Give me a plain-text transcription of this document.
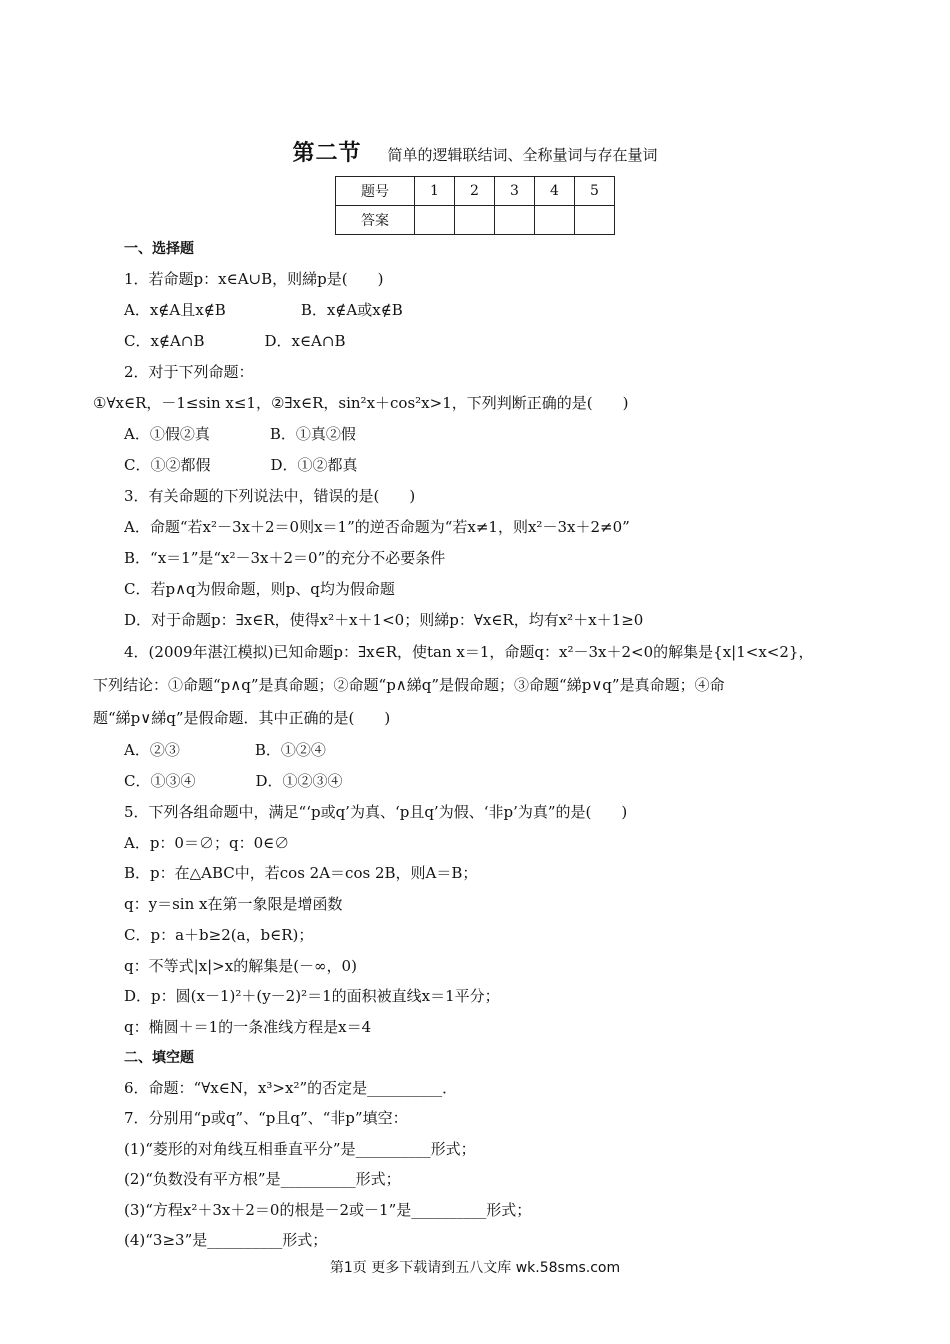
第二节 简单的逻辑联结词、全称量词与存在量词
题号	1	2	3	4	5
答案					
一、选择题
1．若命题p：x∈A∪B，则綈p是(　　)
A．x∉A且x∉B　　　　　B．x∉A或x∉B
C．x∉A∩B　　　　D．x∈A∩B
2．对于下列命题：
①∀x∈R，－1≤sin x≤1，②∃x∈R，sin²x＋cos²x>1，下列判断正确的是(　　)
A．①假②真　　　　B．①真②假
C．①②都假　　　　D．①②都真
3．有关命题的下列说法中，错误的是(　　)
A．命题“若x²－3x＋2＝0则x＝1”的逆否命题为“若x≠1，则x²－3x＋2≠0”
B．“x＝1”是“x²－3x＋2＝0”的充分不必要条件
C．若p∧q为假命题，则p、q均为假命题
D．对于命题p：∃x∈R，使得x²＋x＋1<0；则綈p：∀x∈R，均有x²＋x＋1≥0
4．(2009年湛江模拟)已知命题p：∃x∈R，使tan x＝1，命题q：x²－3x＋2<0的解集是{x|1<x<2}，
下列结论：①命题“p∧q”是真命题；②命题“p∧綈q”是假命题；③命题“綈p∨q”是真命题；④命
题“綈p∨綈q”是假命题．其中正确的是(　　)
A．②③　　　　　B．①②④
C．①③④　　　　D．①②③④
5．下列各组命题中，满足“‘p或q’为真、‘p且q’为假、‘非p’为真”的是(　　)
A．p：0＝∅；q：0∈∅
B．p：在△ABC中，若cos 2A＝cos 2B，则A＝B；
q：y＝sin x在第一象限是增函数
C．p：a＋b≥2(a，b∈R)；
q：不等式|x|>x的解集是(－∞，0)
D．p：圆(x－1)²＋(y－2)²＝1的面积被直线x＝1平分；
q：椭圆＋＝1的一条准线方程是x＝4
二、填空题
6．命题：“∀x∈N，x³>x²”的否定是__________．
7．分别用“p或q”、“p且q”、“非p”填空：
(1)“菱形的对角线互相垂直平分”是__________形式；
(2)“负数没有平方根”是__________形式；
(3)“方程x²＋3x＋2＝0的根是－2或－1”是__________形式；
(4)“3≥3”是__________形式；
第1页 更多下载请到五八文库 wk.58sms.com
